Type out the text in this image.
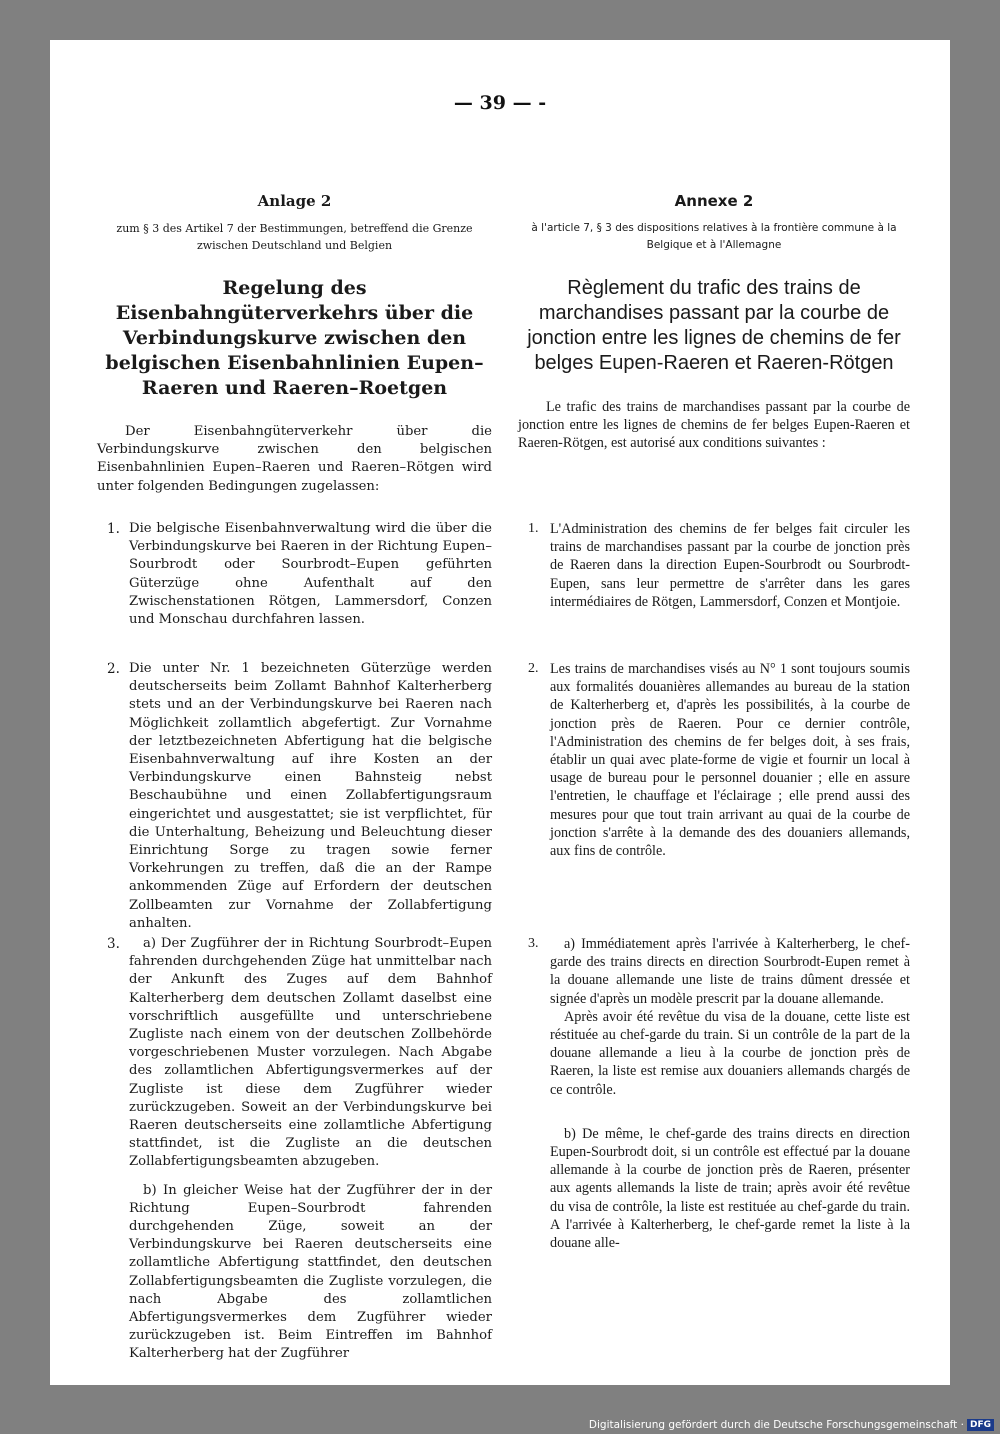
— 39 — -
Anlage 2
zum § 3 des Artikel 7 der Bestimmungen, betreffend die Grenze zwischen Deutschland und Belgien
Regelung des Eisenbahngüterverkehrs über die Verbindungskurve zwischen den belgischen Eisenbahnlinien Eupen–Raeren und Raeren–Roetgen

Der Eisenbahngüterverkehr über die Verbindungskurve zwischen den belgischen Eisenbahnlinien Eupen–Raeren und Raeren–Rötgen wird unter folgenden Bedingungen zugelassen:

1. Die belgische Eisenbahnverwaltung wird die über die Verbindungskurve bei Raeren in der Richtung Eupen–Sourbrodt oder Sourbrodt–Eupen geführten Güterzüge ohne Aufenthalt auf den Zwischenstationen Rötgen, Lammersdorf, Conzen und Monschau durchfahren lassen.

2. Die unter Nr. 1 bezeichneten Güterzüge werden deutscherseits beim Zollamt Bahnhof Kalterherberg stets und an der Verbindungskurve bei Raeren nach Möglichkeit zollamtlich abgefertigt. Zur Vornahme der letztbezeichneten Abfertigung hat die belgische Eisenbahnverwaltung auf ihre Kosten an der Verbindungskurve einen Bahnsteig nebst Beschaubühne und einen Zollabfertigungsraum eingerichtet und ausgestattet; sie ist verpflichtet, für die Unterhaltung, Beheizung und Beleuchtung dieser Einrichtung Sorge zu tragen sowie ferner Vorkehrungen zu treffen, daß die an der Rampe ankommenden Züge auf Erfordern der deutschen Zollbeamten zur Vornahme der Zollabfertigung anhalten.

3.	a) Der Zugführer der in Richtung Sourbrodt–Eupen fahrenden durchgehenden Züge hat unmittelbar nach der Ankunft des Zuges auf dem Bahnhof Kalterherberg dem deutschen Zollamt daselbst eine vorschriftlich ausgefüllte und unterschriebene Zugliste nach einem von der deutschen Zollbehörde vorgeschriebenen Muster vorzulegen. Nach Abgabe des zollamtlichen Abfertigungsvermerkes auf der Zugliste ist diese dem Zugführer wieder zurückzugeben. Soweit an der Verbindungskurve bei Raeren deutscherseits eine zollamtliche Abfertigung stattfindet, ist die Zugliste an die deutschen Zollabfertigungsbeamten abzugeben.

b) In gleicher Weise hat der Zugführer der in der Richtung Eupen–Sourbrodt fahrenden durchgehenden Züge, soweit an der Verbindungskurve bei Raeren deutscherseits eine zollamtliche Abfertigung stattfindet, den deutschen Zollabfertigungsbeamten die Zugliste vorzulegen, die nach Abgabe des zollamtlichen Abfertigungsvermerkes dem Zugführer wieder zurückzugeben ist. Beim Eintreffen im Bahnhof Kalterherberg hat der Zugführer

Annexe 2
à l'article 7, § 3 des dispositions relatives à la frontière commune à la Belgique et à l'Allemagne
Règlement du trafic des trains de marchandises passant par la courbe de jonction entre les lignes de chemins de fer belges Eupen-Raeren et Raeren-Rötgen

Le trafic des trains de marchandises passant par la courbe de jonction entre les lignes de chemins de fer belges Eupen-Raeren et Raeren-Rötgen, est autorisé aux conditions suivantes :

1. L'Administration des chemins de fer belges fait circuler les trains de marchandises passant par la courbe de jonction près de Raeren dans la direction Eupen-Sourbrodt ou Sourbrodt-Eupen, sans leur permettre de s'arrêter dans les gares intermédiaires de Rötgen, Lammersdorf, Conzen et Montjoie.

2. Les trains de marchandises visés au N° 1 sont toujours soumis aux formalités douanières allemandes au bureau de la station de Kalterherberg et, d'après les possibilités, à la courbe de jonction près de Raeren. Pour ce dernier contrôle, l'Administration des chemins de fer belges doit, à ses frais, établir un quai avec plate-forme de vigie et fournir un local à usage de bureau pour le personnel douanier ; elle en assure l'entretien, le chauffage et l'éclairage ; elle prend aussi des mesures pour que tout train arrivant au quai de la courbe de jonction s'arrête à la demande des des douaniers allemands, aux fins de contrôle.

3.	a) Immédiatement après l'arrivée à Kalterherberg, le chef-garde des trains directs en direction Sourbrodt-Eupen remet à la douane allemande une liste de trains dûment dressée et signée d'après un modèle prescrit par la douane allemande.

Après avoir été revêtue du visa de la douane, cette liste est réstituée au chef-garde du train. Si un contrôle de la part de la douane allemande a lieu à la courbe de jonction près de Raeren, la liste est remise aux douaniers allemands chargés de ce contrôle.

b) De même, le chef-garde des trains directs en direction Eupen-Sourbrodt doit, si un contrôle est effectué par la douane allemande à la courbe de jonction près de Raeren, présenter aux agents allemands la liste de train; après avoir été revêtue du visa de contrôle, la liste est restituée au chef-garde du train. A l'arrivée à Kalterherberg, le chef-garde remet la liste à la douane alle-

Digitalisierung gefördert durch die Deutsche Forschungsgemeinschaft · DFG
